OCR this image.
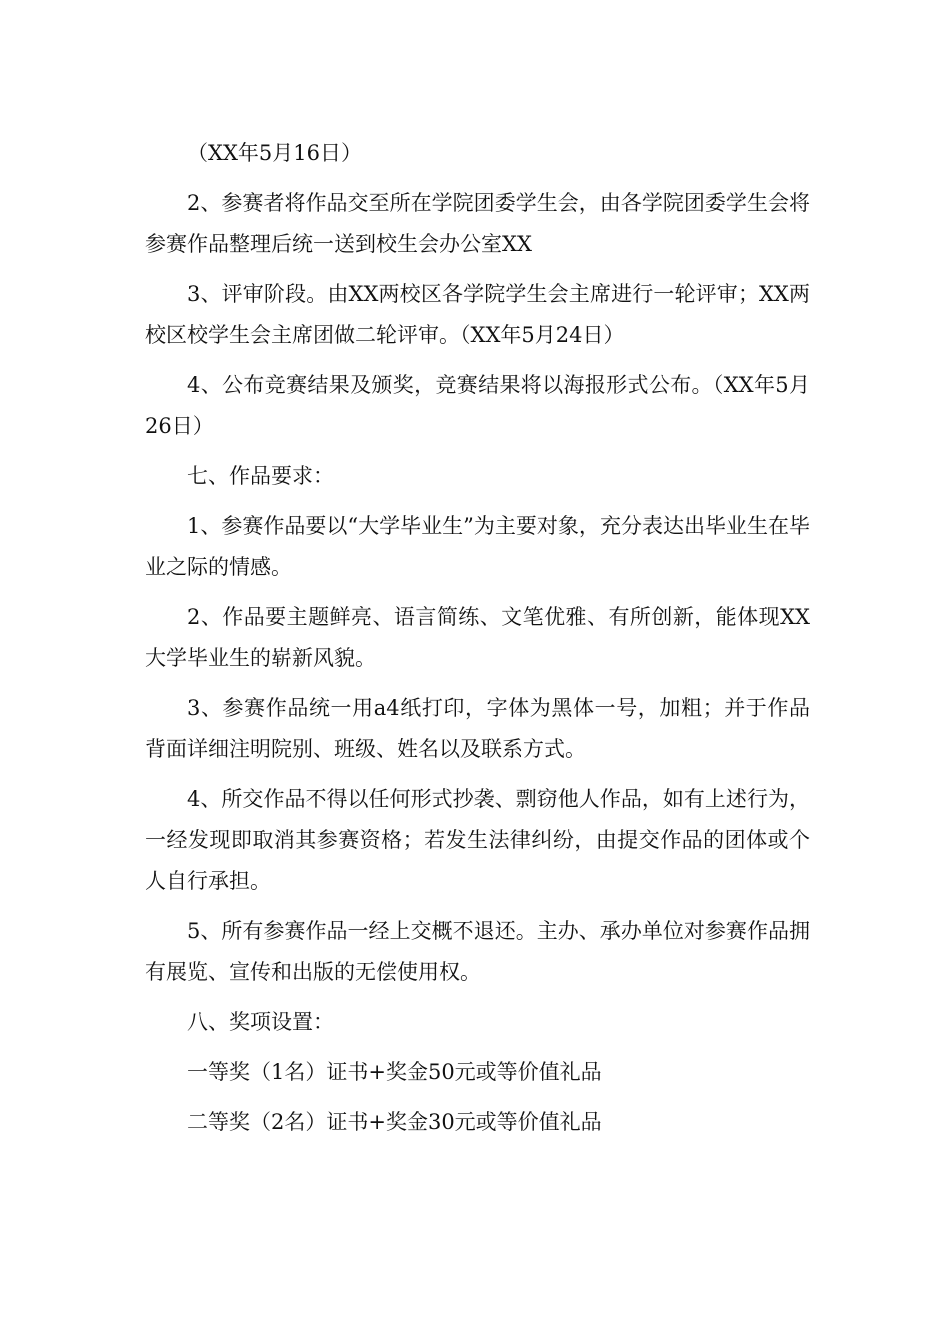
（XX年5月16日）

2、参赛者将作品交至所在学院团委学生会，由各学院团委学生会将参赛作品整理后统一送到校生会办公室XX

3、评审阶段。由XX两校区各学院学生会主席进行一轮评审；XX两校区校学生会主席团做二轮评审。（XX年5月24日）

4、公布竞赛结果及颁奖，竞赛结果将以海报形式公布。（XX年5月26日）

七、作品要求：

1、参赛作品要以“大学毕业生”为主要对象，充分表达出毕业生在毕业之际的情感。

2、作品要主题鲜亮、语言简练、文笔优雅、有所创新，能体现XX大学毕业生的崭新风貌。

3、参赛作品统一用a4纸打印，字体为黑体一号，加粗；并于作品背面详细注明院别、班级、姓名以及联系方式。

4、所交作品不得以任何形式抄袭、剽窃他人作品，如有上述行为，一经发现即取消其参赛资格；若发生法律纠纷，由提交作品的团体或个人自行承担。

5、所有参赛作品一经上交概不退还。主办、承办单位对参赛作品拥有展览、宣传和出版的无偿使用权。

八、奖项设置：

一等奖（1名）证书+奖金50元或等价值礼品

二等奖（2名）证书+奖金30元或等价值礼品
